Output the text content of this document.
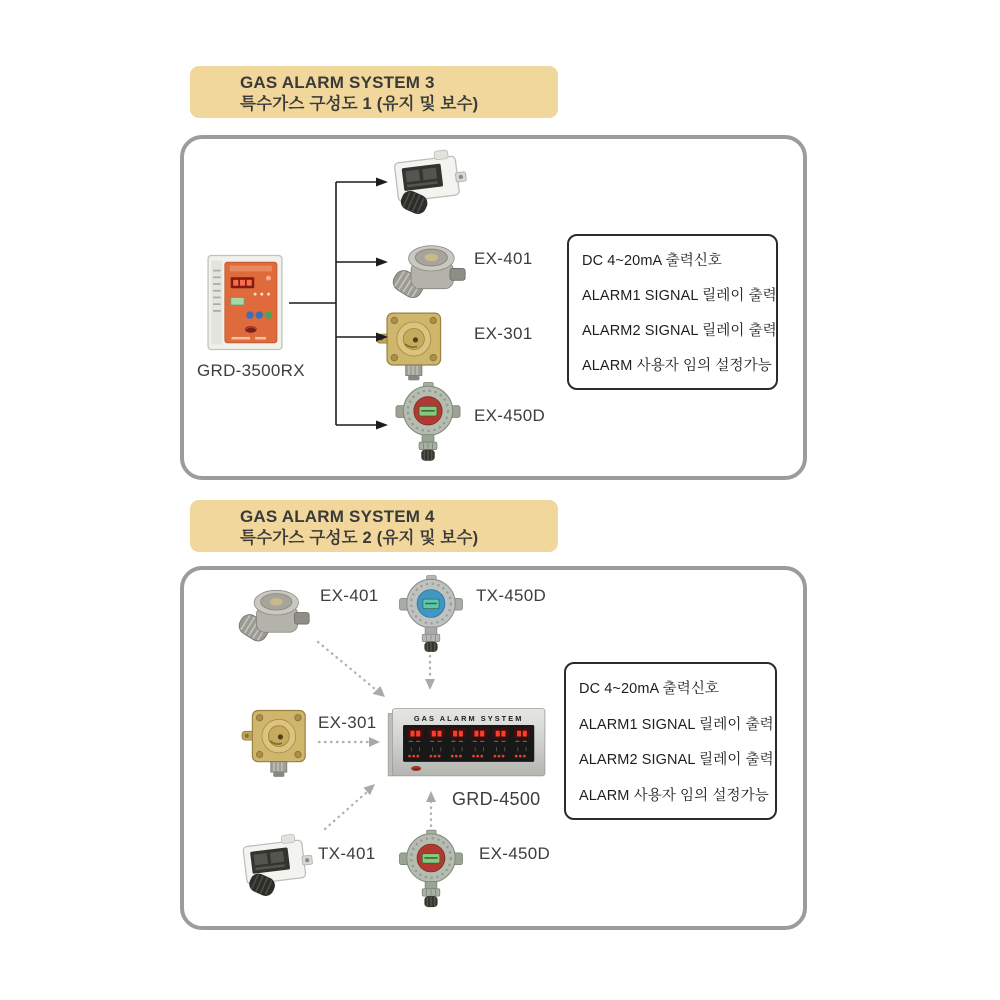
GAS ALARM SYSTEM 3
특수가스 구성도 1 (유지 및 보수)
GRD-3500RX
EX-401
EX-301
EX-450D
DC 4~20mA 출력신호
ALARM1 SIGNAL 릴레이 출력
ALARM2 SIGNAL 릴레이 출력
ALARM 사용자 임의 설정가능
GAS ALARM SYSTEM 4
특수가스 구성도 2 (유지 및 보수)
EX-401	TX-450D
EX-301
TX-401	EX-450D
GRD-4500
DC 4~20mA 출력신호
ALARM1 SIGNAL 릴레이 출력
ALARM2 SIGNAL 릴레이 출력
ALARM 사용자 임의 설정가능
